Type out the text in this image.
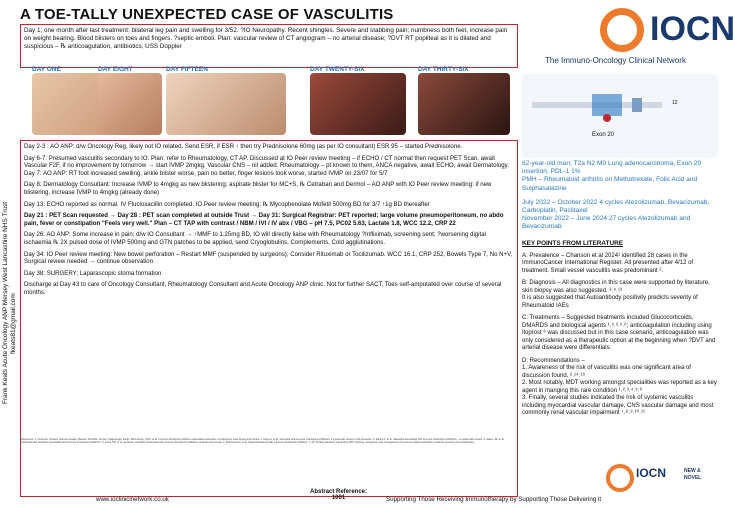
A TOE-TALLY UNEXPECTED CASE OF VASCULITIS
Frank Keats Acute Oncology ANP Mersey West Lancashire NHS Trust fkeats81@gmail.com
Day 1; one month after last treatment: bilateral leg pain and swelling for 3/52. ?IO Neuropathy. Recent shingles. Severe and stabbing pain; numbness both feet, increase pain on weight bearing. Blood blisters on toes and fingers. ?septic emboli. Plan: vascular review of CT angiogram – no arterial disease; ?DVT RT popliteal as it is dilated and suspicious – ℞ anticoagulation, antibiotics, USS Doppler
DAY ONE	DAY EIGHT	DAY FIFTEEN	DAY TWENTY-SIX	DAY THIRTY-SIX
Day 2-3 : AO ANP: d/w Oncology Reg, likely not IO related. Send ESR, if ESR ↑ then try Prednisolone 60mg (as per IO consultant) ESR 95 – started Prednisolone.
Day 6-7: Presumed vasculitis secondary to IO. Plan: refer to Rheumatology, CT AP. Discussed at IO Peer review meeting – if ECHO / CT normal then request PET Scan, await Vascular F2F, if no improvement by tomorrow → start IVMP 2mgkg. Vascular CNS – nil added. Rheumatology – pt known to them, ANCA negative, await ECHO, await Dermatology. Day 7: AO ANP: RT foot increased swelling, ankle blister worse, pain no better, finger lesions look worse, started IVMP on 23/07 for 5/7
Day 8: Dermatology Consultant: Increase IVMP to 4mgkg as new blistering; aspirate blister for MC+S, ℞ Cetraban and Dermol – AO ANP with IO Peer review meeting: if new blistering, increase IVMP to 4mgkg (already done)
Day 13: ECHO reported as normal. IV Flucloxacillin completed. IO Peer review meeting: ℞ Mycophenolate Mofetil 500mg BD for 3/7 ↑1g BD thereafter
Day 21 : PET Scan requested → Day 28 : PET scan completed at outside Trust → Day 31: Surgical Registrar: PET reported; large volume pneumoperitoneum, no abdo pain, fever or constipation "Feels very well." Plan – CT TAP with contrast / NBM / IVI / IV abx / VBG – pH 7.5, PC02 5.63, Lactate 1.8, WCC 12.2, CRP 22
Day 26: AO ANP: Some increase in pain; d/w IO Consultant → ↑MMF to 1.25mg BD, IO will directly liaise with Rheumatology ?Infliximab, screening sent; ?worsening digital ischaemia ℞ 2X pulsed dose of IVMP 500mg and GTN patches to be applied, send Cryoglobulins, Complements, Cold agglutinations.
Day 34: IO Peer review meeting: New bowel perforation – Restart MMF (suspended by surgeons); Consider Rituximab or Tocilizumab. WCC 16.1, CRP 252, Bowels Type 7, No N+V, Surgical review needed → continue observation
Day 38: SURGERY; Laparascopic stoma formation
Discharge at Day 43 to care of Oncology Consultant, Rheumatology Consultant and Acute Oncology ANP clinic. Not for further SACT, Toes self-amputated over course of several months.
References: 1. Chanson, Nicolas; Ramos-Casals, Manuel; Pundole, Xerxes; Suijkerbuijk, Karijn; Brito-Zerón, Pilar; et al. Immune checkpoint inhibitor–associated vasculitis: a multicentre case series and review. 2. Kang A, et al. Vasculitis and immune checkpoint inhibitors: a systematic review of the literature. 3. Daxini A, et al. Vasculitis associated with immune checkpoint inhibitors – a systematic review. 4. Salem JE, et al. Cardiovascular toxicities associated with immune checkpoint inhibitors. 5. Crout TM, et al. Systemic vasculitis associated with immune checkpoint inhibition: analysis and review. 6. Mohamed M, et al. Digital ischaemia with immune checkpoint inhibitors. 7–15. Further literature supporting MDT working, recognition and management of immune-related vasculitis in patients receiving immunotherapy.
IOCN
The Immuno-Oncology Clinical Network
12
Exon 20
62-year-old man; T2a N2 M0 Lung adenocarcinoma, Exon 20 insertion, PDL-1 1%
PMH – Rheumatoid arthritis on Methotrexate, Folic Acid and Sulphasalazine
July 2022 – October 2022 4 cycles Atezolizumab, Bevacizumab, Carboplatin, Paclitaxel
November 2022 – June 2024 27 cycles Atezolizumab and Bevacizumab
KEY POINTS FROM LITERATURE
A: Prevalence – Chanson et al 2024¹ identified 28 cases in the ImmunoCancer International Register. All presented after 4/12 of treatment. Small vessel vasculitis was predominant ².
B: Diagnosis – All diagnostics in this case were supported by literature, skin biopsy was also suggested. ³˒⁴˒¹³
It is also suggested that Autoantibody positivity predicts severity of Rheumatoid IAEs
C: Treatments – Suggested treatments included Glucocorticoids, DMARDS and biological agents ¹˒²˒³˒⁵˒⁶; anticoagulation including using Iloprost ⁶ was discussed but in this case scenario, anticoagulation was only considered as a therapeutic option at the beginning when ?DVT and arterial disease were differentials.
D: Recommendations –
1. Awareness of the risk of vasculitis was one significant area of discussion found. ²˒¹⁴˒¹⁵
2. Most notably, MDT working amongst specialities was reported as a key agent in manging this rare condition ¹˒²˒³˒⁴˒⁵˒⁶
3. Finally, several studies indicated the risk of systemic vasculitis including myocardial vascular damage, CNS vascular damage and most commonly renal vascular impairment ⁷˒⁸˒⁹˒¹⁰˒¹¹
IOCN	NEW &
NOVEL
www.iocliniclnetwork.co.uk
Abstract Reference:
1001	Supporting Those Receiving Immunotherapy by Supporting Those Delivering it
